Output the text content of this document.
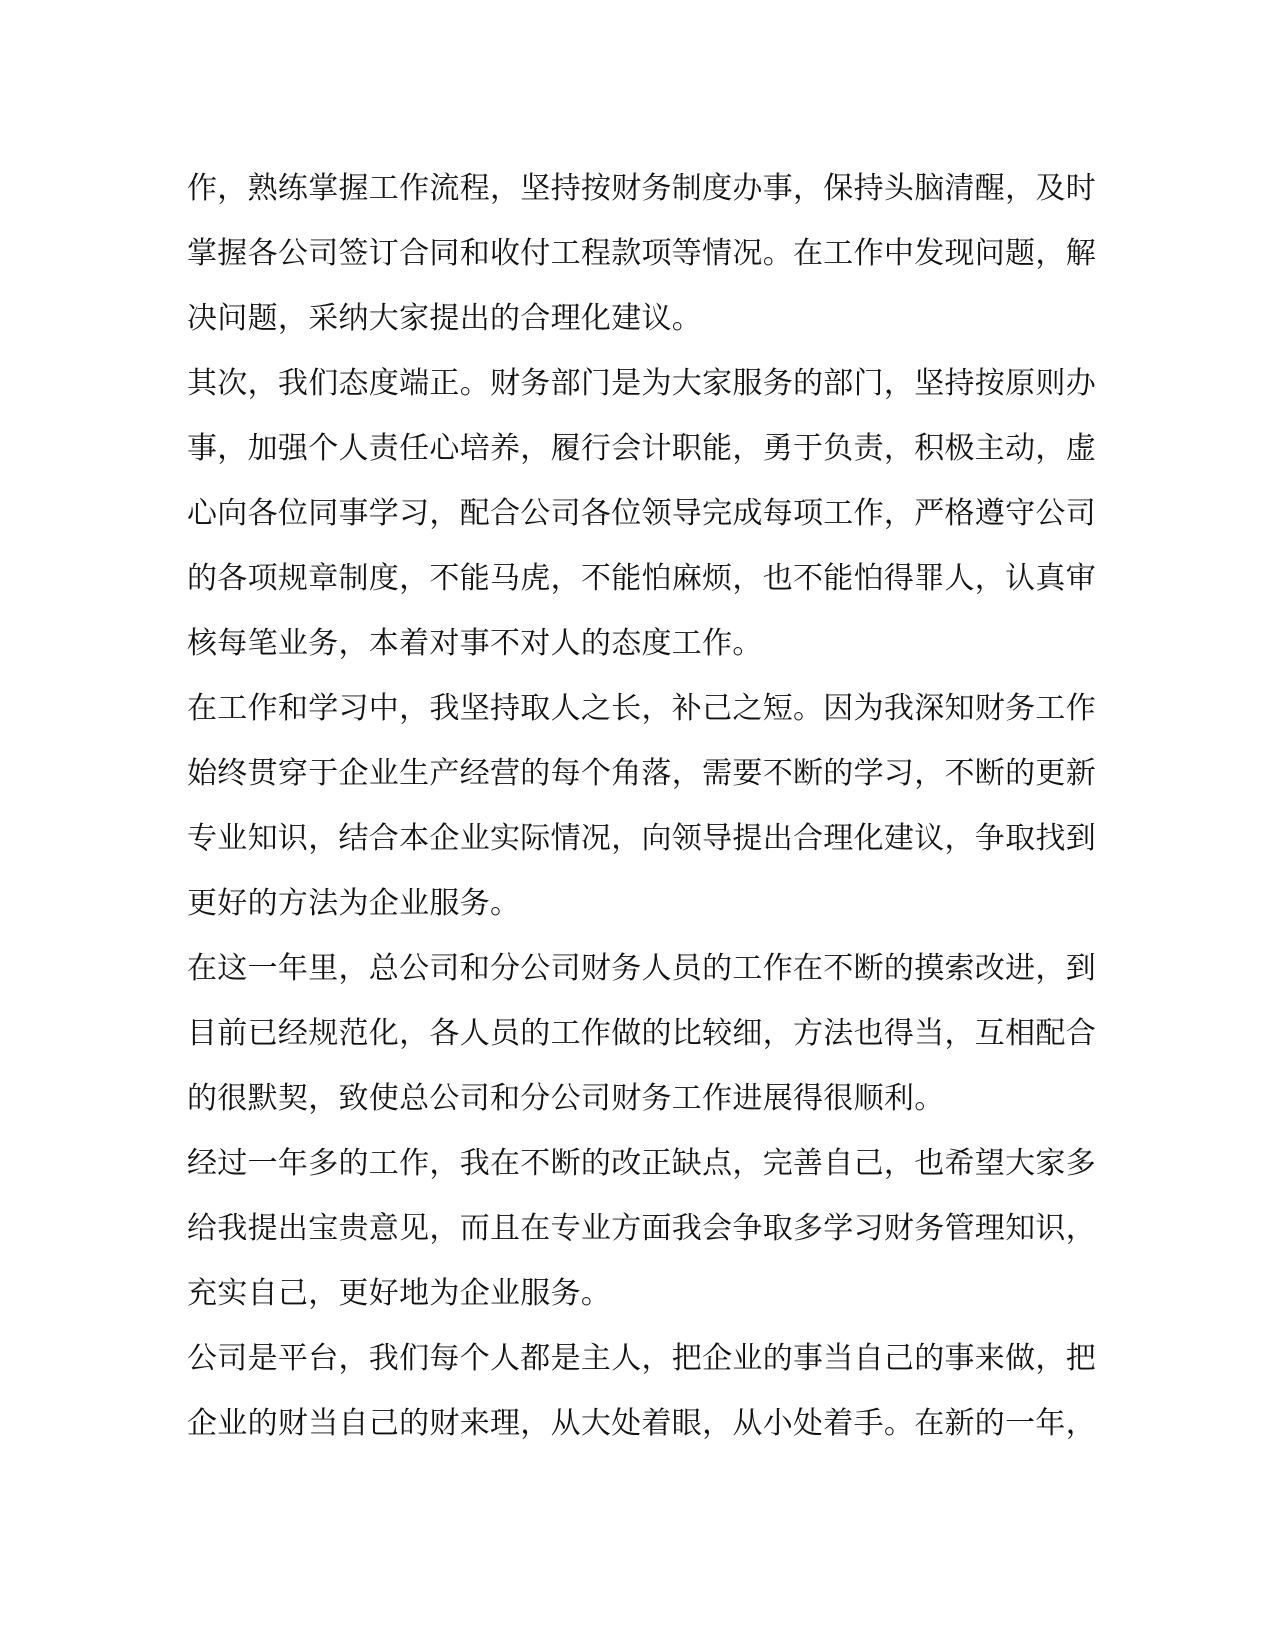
作，熟练掌握工作流程，坚持按财务制度办事，保持头脑清醒，及时
掌握各公司签订合同和收付工程款项等情况。在工作中发现问题，解
决问题，采纳大家提出的合理化建议。
其次，我们态度端正。财务部门是为大家服务的部门，坚持按原则办
事，加强个人责任心培养，履行会计职能，勇于负责，积极主动，虚
心向各位同事学习，配合公司各位领导完成每项工作，严格遵守公司
的各项规章制度，不能马虎，不能怕麻烦，也不能怕得罪人，认真审
核每笔业务，本着对事不对人的态度工作。
在工作和学习中，我坚持取人之长，补己之短。因为我深知财务工作
始终贯穿于企业生产经营的每个角落，需要不断的学习，不断的更新
专业知识，结合本企业实际情况，向领导提出合理化建议，争取找到
更好的方法为企业服务。
在这一年里，总公司和分公司财务人员的工作在不断的摸索改进，到
目前已经规范化，各人员的工作做的比较细，方法也得当，互相配合
的很默契，致使总公司和分公司财务工作进展得很顺利。
经过一年多的工作，我在不断的改正缺点，完善自己，也希望大家多
给我提出宝贵意见，而且在专业方面我会争取多学习财务管理知识，
充实自己，更好地为企业服务。
公司是平台，我们每个人都是主人，把企业的事当自己的事来做，把
企业的财当自己的财来理，从大处着眼，从小处着手。在新的一年，
